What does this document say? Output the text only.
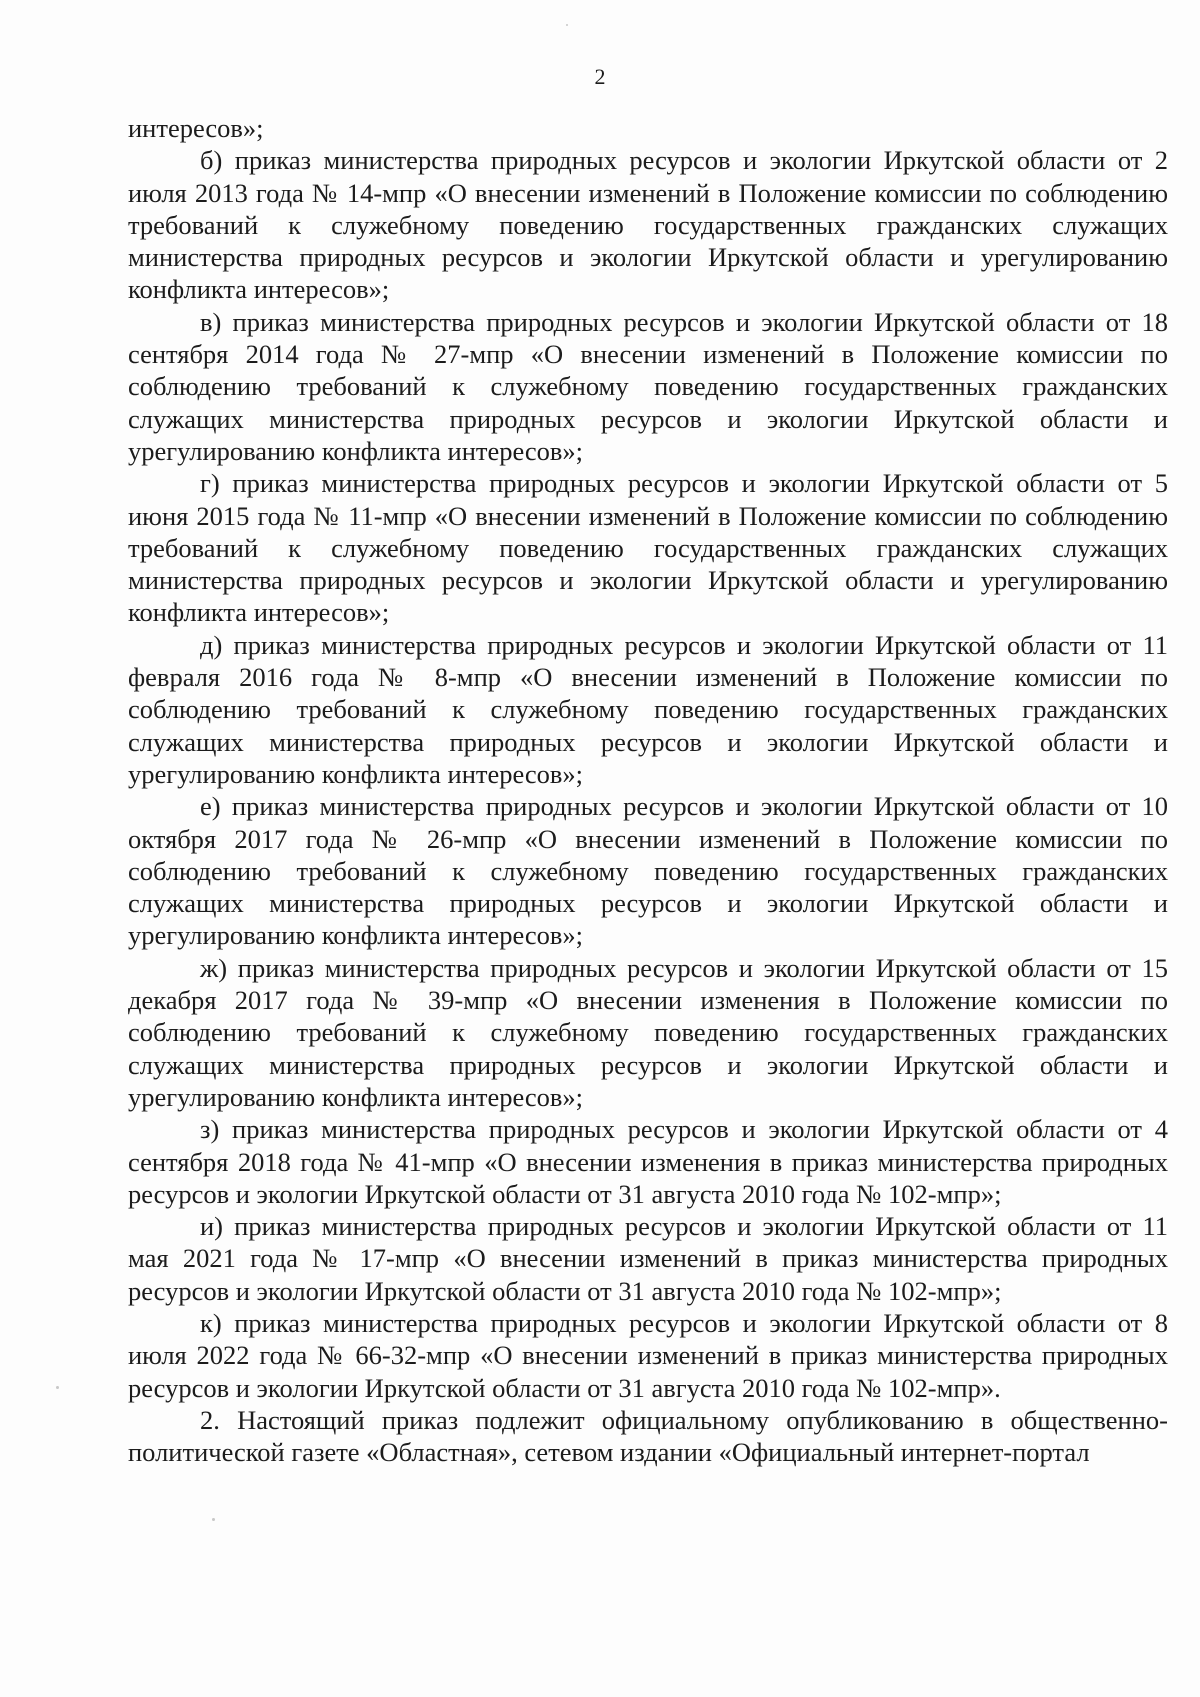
2

интересов»;

б) приказ министерства природных ресурсов и экологии Иркутской области от 2 июля 2013 года № 14-мпр «О внесении изменений в Положение комиссии по соблюдению требований к служебному поведению государственных гражданских служащих министерства природных ресурсов и экологии Иркутской области и урегулированию конфликта интересов»;

в) приказ министерства природных ресурсов и экологии Иркутской области от 18 сентября 2014 года № 27-мпр «О внесении изменений в Положение комиссии по соблюдению требований к служебному поведению государственных гражданских служащих министерства природных ресурсов и экологии Иркутской области и урегулированию конфликта интересов»;

г) приказ министерства природных ресурсов и экологии Иркутской области от 5 июня 2015 года № 11-мпр «О внесении изменений в Положение комиссии по соблюдению требований к служебному поведению государственных гражданских служащих министерства природных ресурсов и экологии Иркутской области и урегулированию конфликта интересов»;

д) приказ министерства природных ресурсов и экологии Иркутской области от 11 февраля 2016 года № 8-мпр «О внесении изменений в Положение комиссии по соблюдению требований к служебному поведению государственных гражданских служащих министерства природных ресурсов и экологии Иркутской области и урегулированию конфликта интересов»;

е) приказ министерства природных ресурсов и экологии Иркутской области от 10 октября 2017 года № 26-мпр «О внесении изменений в Положение комиссии по соблюдению требований к служебному поведению государственных гражданских служащих министерства природных ресурсов и экологии Иркутской области и урегулированию конфликта интересов»;

ж) приказ министерства природных ресурсов и экологии Иркутской области от 15 декабря 2017 года № 39-мпр «О внесении изменения в Положение комиссии по соблюдению требований к служебному поведению государственных гражданских служащих министерства природных ресурсов и экологии Иркутской области и урегулированию конфликта интересов»;

з) приказ министерства природных ресурсов и экологии Иркутской области от 4 сентября 2018 года № 41-мпр «О внесении изменения в приказ министерства природных ресурсов и экологии Иркутской области от 31 августа 2010 года № 102-мпр»;

и) приказ министерства природных ресурсов и экологии Иркутской области от 11 мая 2021 года № 17-мпр «О внесении изменений в приказ министерства природных ресурсов и экологии Иркутской области от 31 августа 2010 года № 102-мпр»;

к) приказ министерства природных ресурсов и экологии Иркутской области от 8 июля 2022 года № 66-32-мпр «О внесении изменений в приказ министерства природных ресурсов и экологии Иркутской области от 31 августа 2010 года № 102-мпр».

2. Настоящий приказ подлежит официальному опубликованию в общественно-политической газете «Областная», сетевом издании «Официальный интернет-портал
